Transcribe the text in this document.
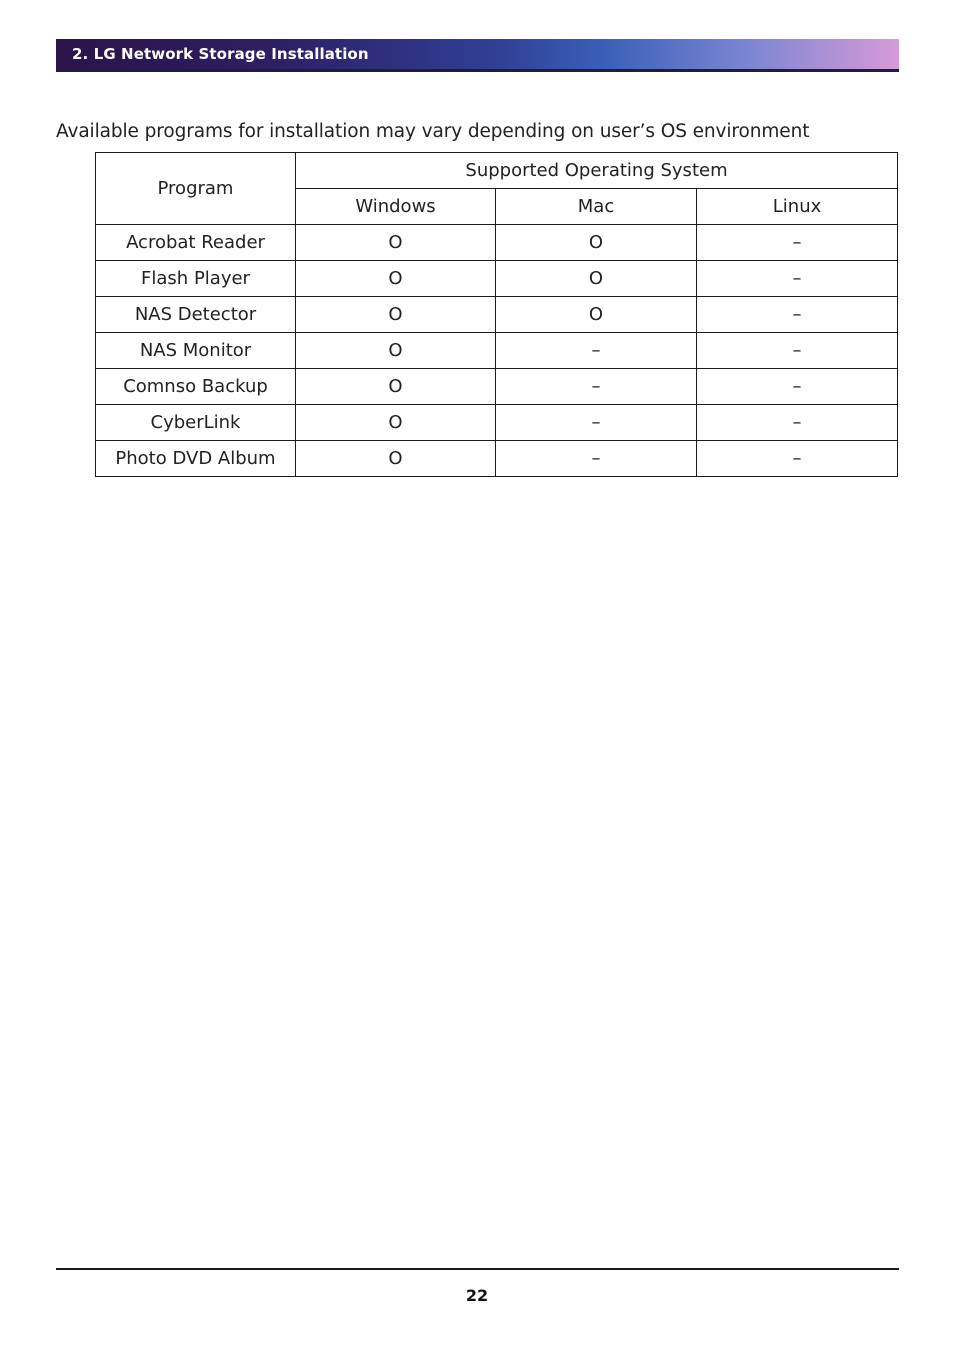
2. LG Network Storage Installation
Available programs for installation may vary depending on user’s OS environment
Program	Supported Operating System		
	Windows	Mac	Linux
Acrobat Reader	O	O	–
Flash Player	O	O	–
NAS Detector	O	O	–
NAS Monitor	O	–	–
Comnso Backup	O	–	–
CyberLink	O	–	–
Photo DVD Album	O	–	–
22
